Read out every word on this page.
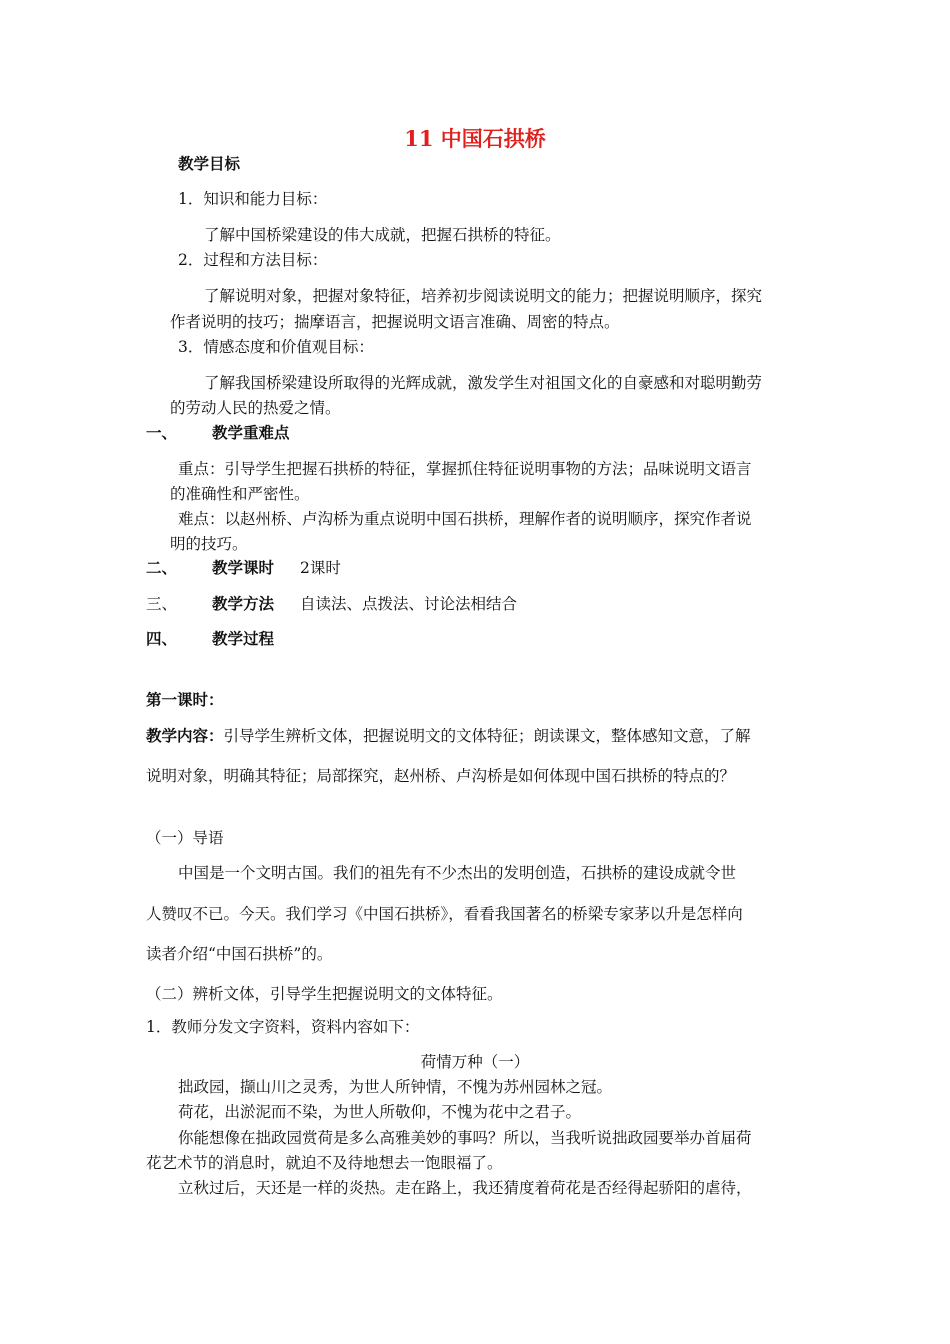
11 中国石拱桥
教学目标
1．知识和能力目标：
了解中国桥梁建设的伟大成就，把握石拱桥的特征。
2．过程和方法目标：
了解说明对象，把握对象特征，培养初步阅读说明文的能力；把握说明顺序，探究
作者说明的技巧；揣摩语言，把握说明文语言准确、周密的特点。
3．情感态度和价值观目标：
了解我国桥梁建设所取得的光辉成就，激发学生对祖国文化的自豪感和对聪明勤劳
的劳动人民的热爱之情。
一、 教学重难点
重点：引导学生把握石拱桥的特征，掌握抓住特征说明事物的方法；品味说明文语言
的准确性和严密性。
难点：以赵州桥、卢沟桥为重点说明中国石拱桥，理解作者的说明顺序，探究作者说
明的技巧。
二、 教学课时 2课时
三、 教学方法 自读法、点拨法、讨论法相结合
四、 教学过程
第一课时：
教学内容：引导学生辨析文体，把握说明文的文体特征；朗读课文，整体感知文意，了解
说明对象，明确其特征；局部探究，赵州桥、卢沟桥是如何体现中国石拱桥的特点的？
（一）导语
中国是一个文明古国。我们的祖先有不少杰出的发明创造，石拱桥的建设成就令世
人赞叹不已。今天。我们学习《中国石拱桥》，看看我国著名的桥梁专家茅以升是怎样向
读者介绍“中国石拱桥”的。
（二）辨析文体，引导学生把握说明文的文体特征。
1．教师分发文字资料，资料内容如下：
荷情万种（一）
拙政园，撷山川之灵秀，为世人所钟情，不愧为苏州园林之冠。
荷花，出淤泥而不染，为世人所敬仰，不愧为花中之君子。
你能想像在拙政园赏荷是多么高雅美妙的事吗？所以，当我听说拙政园要举办首届荷
花艺术节的消息时，就迫不及待地想去一饱眼福了。
立秋过后，天还是一样的炎热。走在路上，我还猜度着荷花是否经得起骄阳的虐待，
